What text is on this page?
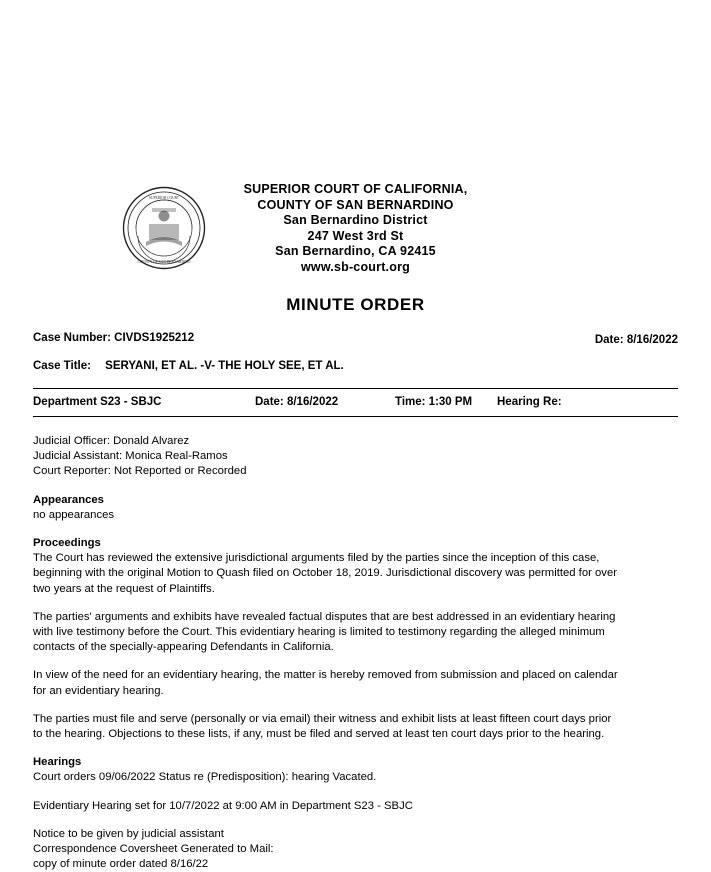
SUPERIOR COURT
COUNTY OF SAN BERNARDINO
SUPERIOR COURT OF CALIFORNIA,
COUNTY OF SAN BERNARDINO
San Bernardino District
247 West 3rd St
San Bernardino, CA 92415
www.sb-court.org
MINUTE ORDER
Case Number: CIVDS1925212	Date: 8/16/2022
Case Title: SERYANI, ET AL. -V- THE HOLY SEE, ET AL.
Department S23 - SBJC	Date: 8/16/2022	Time: 1:30 PM Hearing Re:
Judicial Officer: Donald Alvarez
Judicial Assistant: Monica Real-Ramos
Court Reporter: Not Reported or Recorded
Appearances
no appearances
Proceedings
The Court has reviewed the extensive jurisdictional arguments filed by the parties since the inception of this case, beginning with the original Motion to Quash filed on October 18, 2019. Jurisdictional discovery was permitted for over two years at the request of Plaintiffs.
The parties' arguments and exhibits have revealed factual disputes that are best addressed in an evidentiary hearing with live testimony before the Court. This evidentiary hearing is limited to testimony regarding the alleged minimum contacts of the specially-appearing Defendants in California.
In view of the need for an evidentiary hearing, the matter is hereby removed from submission and placed on calendar for an evidentiary hearing.
The parties must file and serve (personally or via email) their witness and exhibit lists at least fifteen court days prior to the hearing. Objections to these lists, if any, must be filed and served at least ten court days prior to the hearing.
Hearings
Court orders 09/06/2022 Status re (Predisposition): hearing Vacated.
Evidentiary Hearing set for 10/7/2022 at 9:00 AM in Department S23 - SBJC
Notice to be given by judicial assistant
Correspondence Coversheet Generated to Mail:
copy of minute order dated 8/16/22
